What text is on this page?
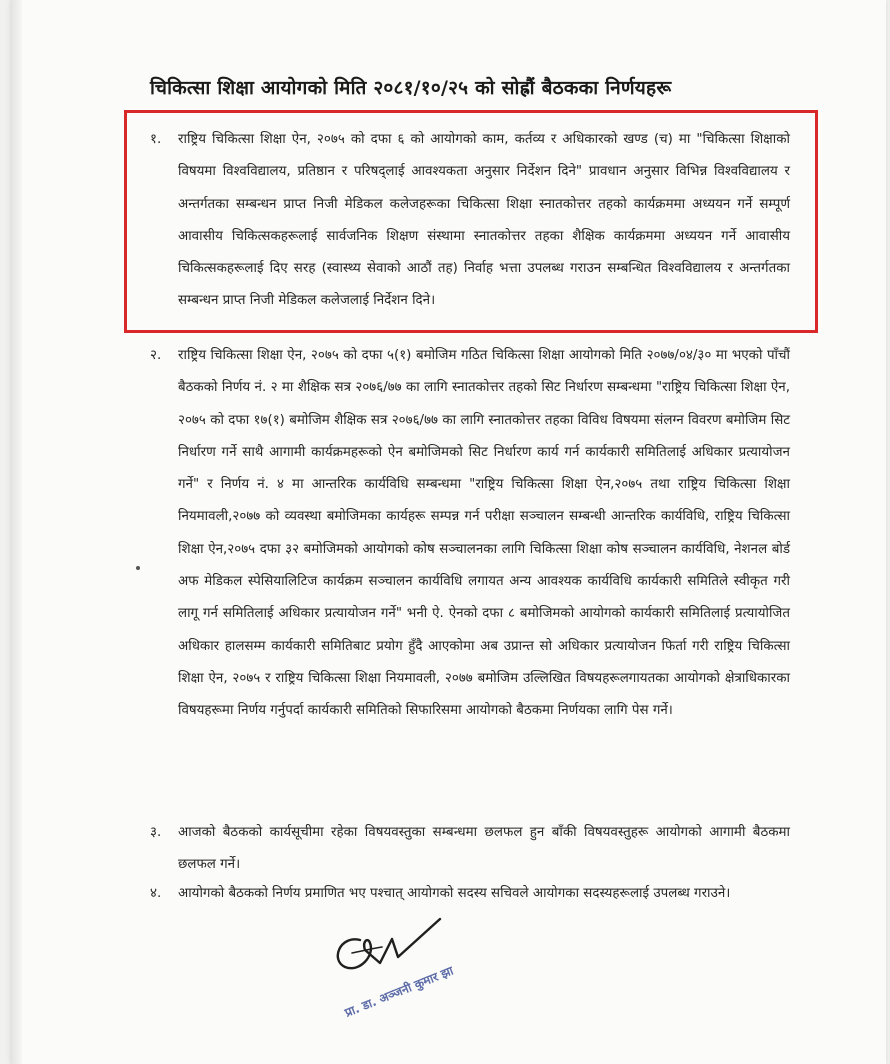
चिकित्सा शिक्षा आयोगको मिति २०८१/१०/२५ को सोह्रौं बैठकका निर्णयहरू
१.	राष्ट्रिय चिकित्सा शिक्षा ऐन, २०७५ को दफा ६ को आयोगको काम, कर्तव्य र अधिकारको खण्ड (च) मा "चिकित्सा शिक्षाको विषयमा विश्वविद्यालय, प्रतिष्ठान र परिषद्लाई आवश्यकता अनुसार निर्देशन दिने" प्रावधान अनुसार विभिन्न विश्वविद्यालय र अन्तर्गतका सम्बन्धन प्राप्त निजी मेडिकल कलेजहरूका चिकित्सा शिक्षा स्नातकोत्तर तहको कार्यक्रममा अध्ययन गर्ने सम्पूर्ण आवासीय चिकित्सकहरूलाई सार्वजनिक शिक्षण संस्थामा स्नातकोत्तर तहका शैक्षिक कार्यक्रममा अध्ययन गर्ने आवासीय चिकित्सकहरूलाई दिए सरह (स्वास्थ्य सेवाको आठौं तह) निर्वाह भत्ता उपलब्ध गराउन सम्बन्धित विश्वविद्यालय र अन्तर्गतका सम्बन्धन प्राप्त निजी मेडिकल कलेजलाई निर्देशन दिने।
२.	राष्ट्रिय चिकित्सा शिक्षा ऐन, २०७५ को दफा ५(१) बमोजिम गठित चिकित्सा शिक्षा आयोगको मिति २०७७/०४/३० मा भएको पाँचौं बैठकको निर्णय नं. २ मा शैक्षिक सत्र २०७६/७७ का लागि स्नातकोत्तर तहको सिट निर्धारण सम्बन्धमा "राष्ट्रिय चिकित्सा शिक्षा ऐन, २०७५ को दफा १७(१) बमोजिम शैक्षिक सत्र २०७६/७७ का लागि स्नातकोत्तर तहका विविध विषयमा संलग्न विवरण बमोजिम सिट निर्धारण गर्ने साथै आगामी कार्यक्रमहरूको ऐन बमोजिमको सिट निर्धारण कार्य गर्न कार्यकारी समितिलाई अधिकार प्रत्यायोजन गर्ने" र निर्णय नं. ४ मा आन्तरिक कार्यविधि सम्बन्धमा "राष्ट्रिय चिकित्सा शिक्षा ऐन,२०७५ तथा राष्ट्रिय चिकित्सा शिक्षा नियमावली,२०७७ को व्यवस्था बमोजिमका कार्यहरू सम्पन्न गर्न परीक्षा सञ्चालन सम्बन्धी आन्तरिक कार्यविधि, राष्ट्रिय चिकित्सा शिक्षा ऐन,२०७५ दफा ३२ बमोजिमको आयोगको कोष सञ्चालनका लागि चिकित्सा शिक्षा कोष सञ्चालन कार्यविधि, नेशनल बोर्ड अफ मेडिकल स्पेसियालिटिज कार्यक्रम सञ्चालन कार्यविधि लगायत अन्य आवश्यक कार्यविधि कार्यकारी समितिले स्वीकृत गरी लागू गर्न समितिलाई अधिकार प्रत्यायोजन गर्ने" भनी ऐ. ऐनको दफा ८ बमोजिमको आयोगको कार्यकारी समितिलाई प्रत्यायोजित अधिकार हालसम्म कार्यकारी समितिबाट प्रयोग हुँदै आएकोमा अब उप्रान्त सो अधिकार प्रत्यायोजन फिर्ता गरी राष्ट्रिय चिकित्सा शिक्षा ऐन, २०७५ र राष्ट्रिय चिकित्सा शिक्षा नियमावली, २०७७ बमोजिम उल्लिखित विषयहरूलगायतका आयोगको क्षेत्राधिकारका विषयहरूमा निर्णय गर्नुपर्दा कार्यकारी समितिको सिफारिसमा आयोगको बैठकमा निर्णयका लागि पेस गर्ने।
३.	आजको बैठकको कार्यसूचीमा रहेका विषयवस्तुका सम्बन्धमा छलफल हुन बाँकी विषयवस्तुहरू आयोगको आगामी बैठकमा छलफल गर्ने।
४.	आयोगको बैठकको निर्णय प्रमाणित भए पश्चात् आयोगको सदस्य सचिवले आयोगका सदस्यहरूलाई उपलब्ध गराउने।
प्रा. डा. अञ्जनी कुमार झा
